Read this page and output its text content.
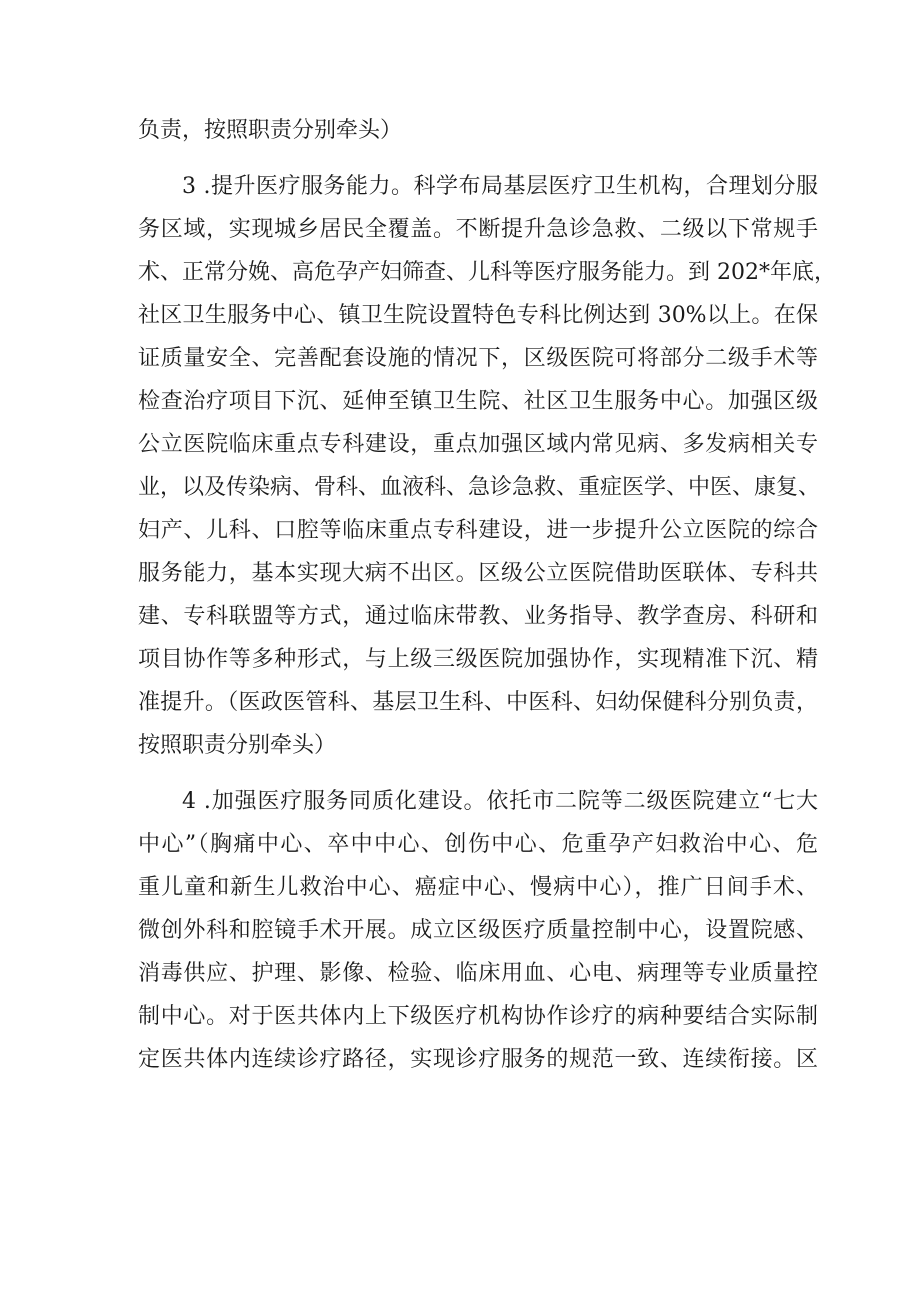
负责，按照职责分别牵头）
3 .提升医疗服务能力。科学布局基层医疗卫生机构，合理划分服
务区域，实现城乡居民全覆盖。不断提升急诊急救、二级以下常规手
术、正常分娩、高危孕产妇筛查、儿科等医疗服务能力。到 202*年底，
社区卫生服务中心、镇卫生院设置特色专科比例达到 30%以上。在保
证质量安全、完善配套设施的情况下，区级医院可将部分二级手术等
检查治疗项目下沉、延伸至镇卫生院、社区卫生服务中心。加强区级
公立医院临床重点专科建设，重点加强区域内常见病、多发病相关专
业，以及传染病、骨科、血液科、急诊急救、重症医学、中医、康复、
妇产、儿科、口腔等临床重点专科建设，进一步提升公立医院的综合
服务能力，基本实现大病不出区。区级公立医院借助医联体、专科共
建、专科联盟等方式，通过临床带教、业务指导、教学查房、科研和
项目协作等多种形式，与上级三级医院加强协作，实现精准下沉、精
准提升。（医政医管科、基层卫生科、中医科、妇幼保健科分别负责，
按照职责分别牵头）
4 .加强医疗服务同质化建设。依托市二院等二级医院建立“七大
中心”（胸痛中心、卒中中心、创伤中心、危重孕产妇救治中心、危
重儿童和新生儿救治中心、癌症中心、慢病中心），推广日间手术、
微创外科和腔镜手术开展。成立区级医疗质量控制中心，设置院感、
消毒供应、护理、影像、检验、临床用血、心电、病理等专业质量控
制中心。对于医共体内上下级医疗机构协作诊疗的病种要结合实际制
定医共体内连续诊疗路径，实现诊疗服务的规范一致、连续衔接。区
